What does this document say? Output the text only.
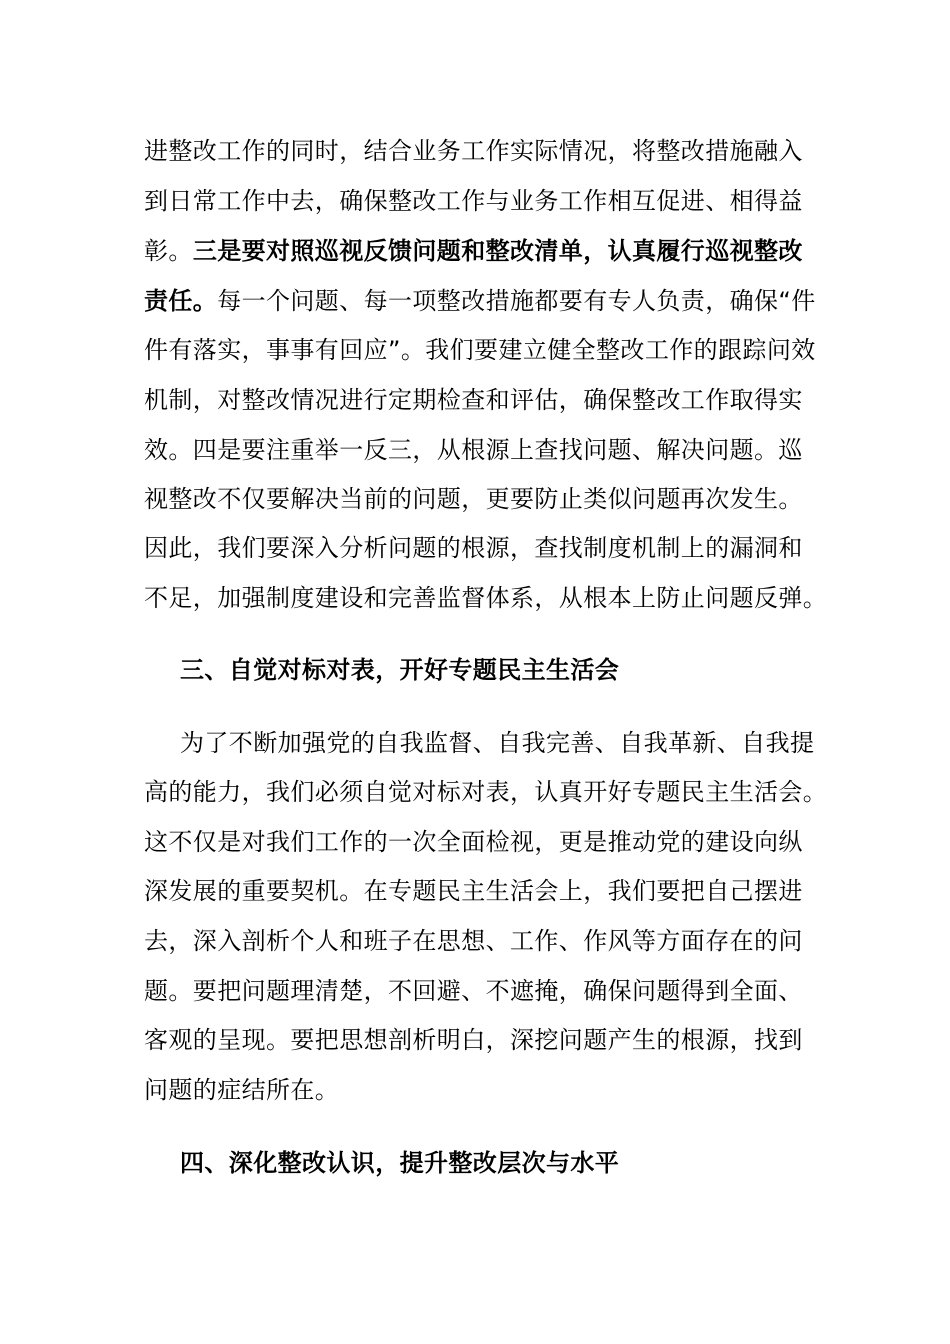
进整改工作的同时，结合业务工作实际情况，将整改措施融入
到日常工作中去，确保整改工作与业务工作相互促进、相得益
彰。三是要对照巡视反馈问题和整改清单，认真履行巡视整改
责任。每一个问题、每一项整改措施都要有专人负责，确保“件
件有落实，事事有回应”。我们要建立健全整改工作的跟踪问效
机制，对整改情况进行定期检查和评估，确保整改工作取得实
效。四是要注重举一反三，从根源上查找问题、解决问题。巡
视整改不仅要解决当前的问题，更要防止类似问题再次发生。
因此，我们要深入分析问题的根源，查找制度机制上的漏洞和
不足，加强制度建设和完善监督体系，从根本上防止问题反弹。
三、自觉对标对表，开好专题民主生活会
为了不断加强党的自我监督、自我完善、自我革新、自我提
高的能力，我们必须自觉对标对表，认真开好专题民主生活会。
这不仅是对我们工作的一次全面检视，更是推动党的建设向纵
深发展的重要契机。在专题民主生活会上，我们要把自己摆进
去，深入剖析个人和班子在思想、工作、作风等方面存在的问
题。要把问题理清楚，不回避、不遮掩，确保问题得到全面、
客观的呈现。要把思想剖析明白，深挖问题产生的根源，找到
问题的症结所在。
四、深化整改认识，提升整改层次与水平
